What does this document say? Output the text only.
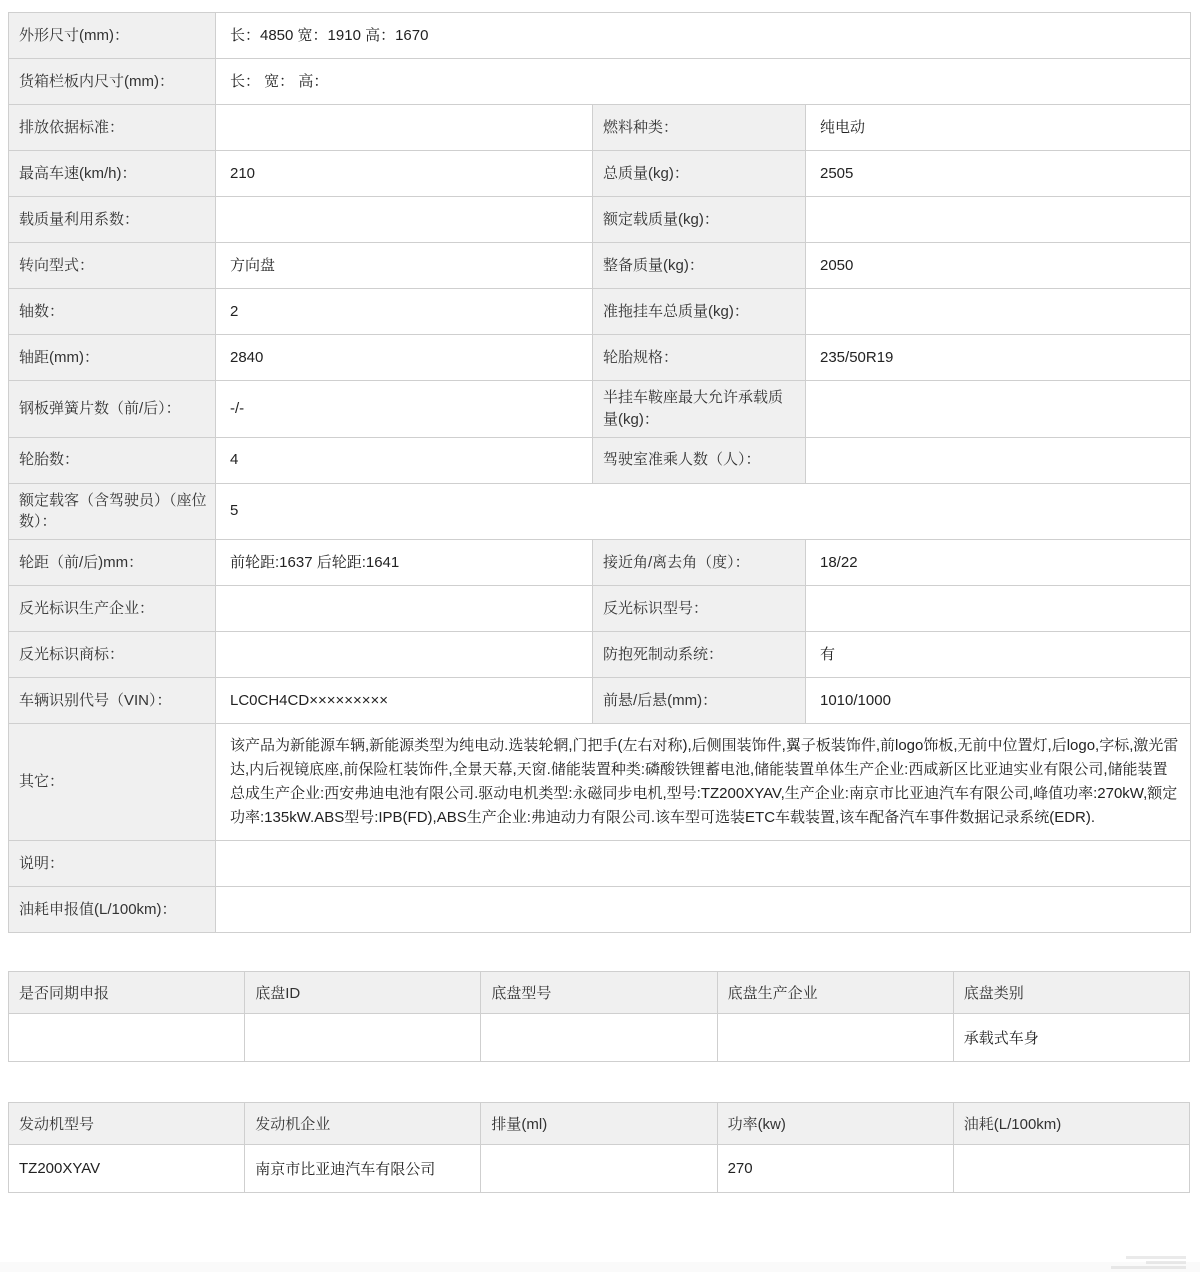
外形尺寸(mm)：	长：4850 宽：1910 高：1670		
货箱栏板内尺寸(mm)：	长： 宽： 高：		
排放依据标准：		燃料种类：	纯电动
最高车速(km/h)：	210	总质量(kg)：	2505
载质量利用系数：		额定载质量(kg)：	
转向型式：	方向盘	整备质量(kg)：	2050
轴数：	2	准拖挂车总质量(kg)：	
轴距(mm)：	2840	轮胎规格：	235/50R19
钢板弹簧片数（前/后）：	-/-	半挂车鞍座最大允许承载质量(kg)：	
轮胎数：	4	驾驶室准乘人数（人）：	
额定载客（含驾驶员）（座位数）：	5		
轮距（前/后)mm：	前轮距:1637 后轮距:1641	接近角/离去角（度）：	18/22
反光标识生产企业：		反光标识型号：	
反光标识商标：		防抱死制动系统：	有
车辆识别代号（VIN）：	LC0CH4CD×××××××××	前悬/后悬(mm)：	1010/1000
其它：	该产品为新能源车辆,新能源类型为纯电动.选装轮辋,门把手(左右对称),后侧围装饰件,翼子板装饰件,前logo饰板,无前中位置灯,后logo,字标,激光雷达,内后视镜底座,前保险杠装饰件,全景天幕,天窗.储能装置种类:磷酸铁锂蓄电池,储能装置单体生产企业:西咸新区比亚迪实业有限公司,储能装置总成生产企业:西安弗迪电池有限公司.驱动电机类型:永磁同步电机,型号:TZ200XYAV,生产企业:南京市比亚迪汽车有限公司,峰值功率:270kW,额定功率:135kW.ABS型号:IPB(FD),ABS生产企业:弗迪动力有限公司.该车型可选装ETC车载装置,该车配备汽车事件数据记录系统(EDR).		
说明：			
油耗申报值(L/100km)：			
是否同期申报	底盘ID	底盘型号	底盘生产企业	底盘类别
				承载式车身
发动机型号	发动机企业	排量(ml)	功率(kw)	油耗(L/100km)
TZ200XYAV	南京市比亚迪汽车有限公司		270	
